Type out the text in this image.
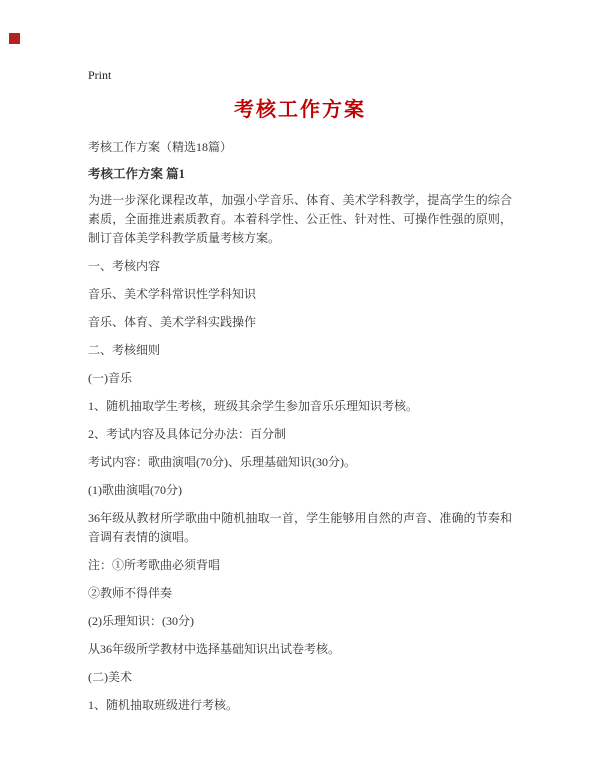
Print
考核工作方案

考核工作方案（精选18篇）

考核工作方案 篇1

为进一步深化课程改革，加强小学音乐、体育、美术学科教学，提高学生的综合素质，全面推进素质教育。本着科学性、公正性、针对性、可操作性强的原则，制订音体美学科教学质量考核方案。

一、考核内容

音乐、美术学科常识性学科知识

音乐、体育、美术学科实践操作

二、考核细则

(一)音乐

1、随机抽取学生考核，班级其余学生参加音乐乐理知识考核。

2、考试内容及具体记分办法：百分制

考试内容：歌曲演唱(70分)、乐理基础知识(30分)。

(1)歌曲演唱(70分)

36年级从教材所学歌曲中随机抽取一首，学生能够用自然的声音、准确的节奏和音调有表情的演唱。

注：①所考歌曲必须背唱

②教师不得伴奏

(2)乐理知识：(30分)

从36年级所学教材中选择基础知识出试卷考核。

(二)美术

1、随机抽取班级进行考核。
